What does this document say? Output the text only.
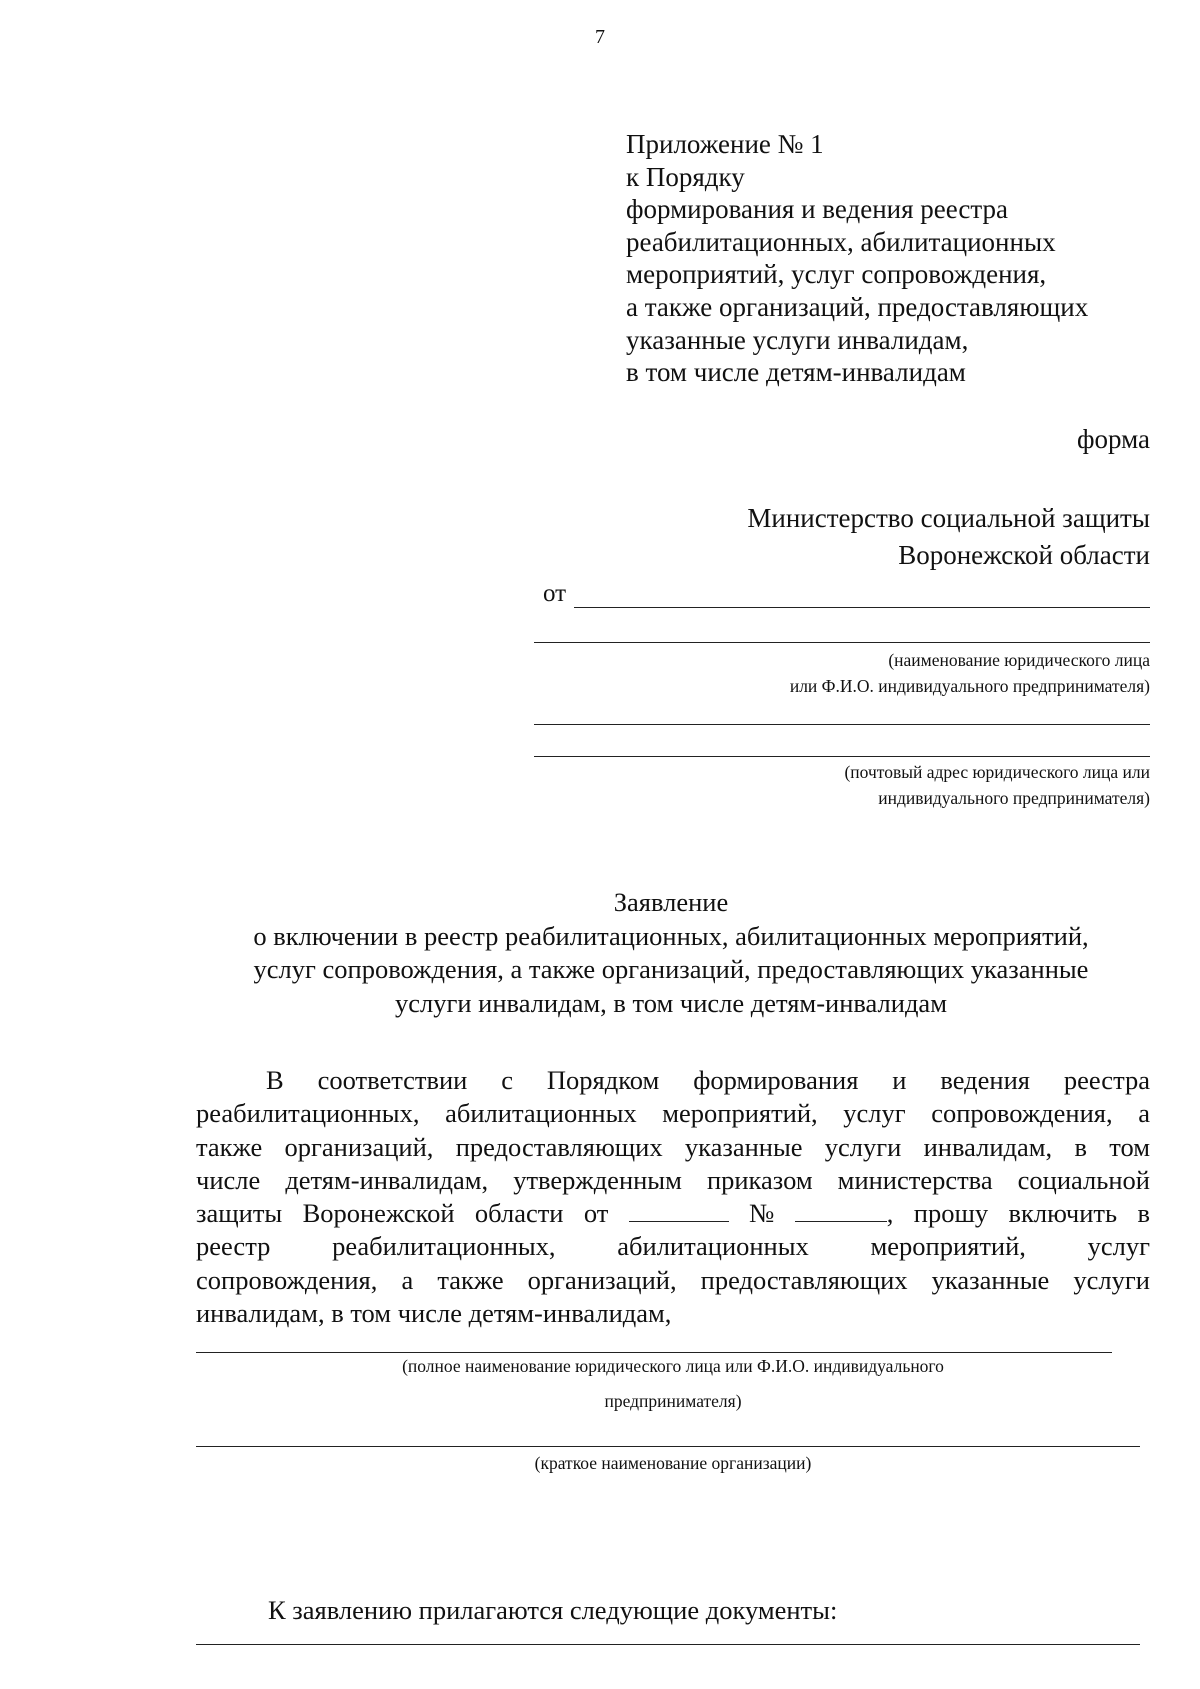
7
Приложение № 1
к Порядку
формирования и ведения реестра
реабилитационных, абилитационных
мероприятий, услуг сопровождения,
а также организаций, предоставляющих
указанные услуги инвалидам,
в том числе детям-инвалидам
форма
Министерство социальной защиты
Воронежской области
от
(наименование юридического лица
или Ф.И.О. индивидуального предпринимателя)
(почтовый адрес юридического лица или
индивидуального предпринимателя)
Заявление
о включении в реестр реабилитационных, абилитационных мероприятий,
услуг сопровождения, а также организаций, предоставляющих указанные
услуги инвалидам, в том числе детям-инвалидам
В соответствии с Порядком формирования и ведения реестра
реабилитационных, абилитационных мероприятий, услуг сопровождения, а
также организаций, предоставляющих указанные услуги инвалидам, в том
числе детям-инвалидам, утвержденным приказом министерства социальной
защиты Воронежской области от	№	, прошу включить в
реестр реабилитационных, абилитационных мероприятий, услуг
сопровождения, а также организаций, предоставляющих указанные услуги
инвалидам, в том числе детям-инвалидам,
(полное наименование юридического лица или Ф.И.О. индивидуального
предпринимателя)
(краткое наименование организации)
К заявлению прилагаются следующие документы:
